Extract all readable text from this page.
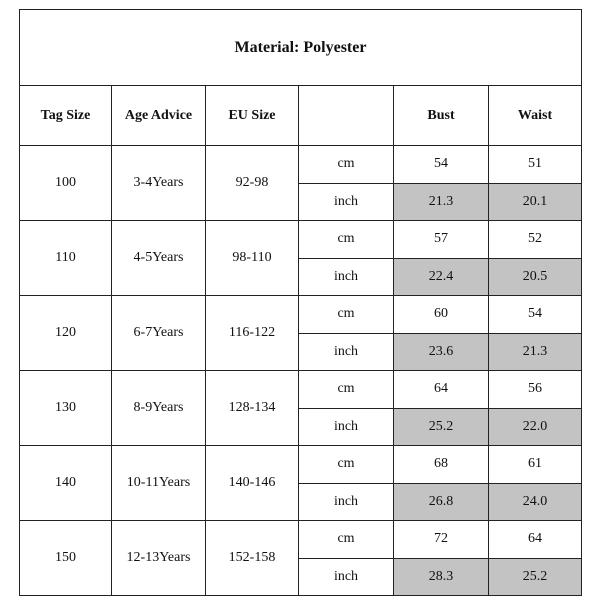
Material: Polyester					
Tag Size	Age Advice	EU Size		Bust	Waist
100	3-4Years	92-98	cm	54	51
			inch	21.3	20.1
110	4-5Years	98-110	cm	57	52
			inch	22.4	20.5
120	6-7Years	116-122	cm	60	54
			inch	23.6	21.3
130	8-9Years	128-134	cm	64	56
			inch	25.2	22.0
140	10-11Years	140-146	cm	68	61
			inch	26.8	24.0
150	12-13Years	152-158	cm	72	64
			inch	28.3	25.2
